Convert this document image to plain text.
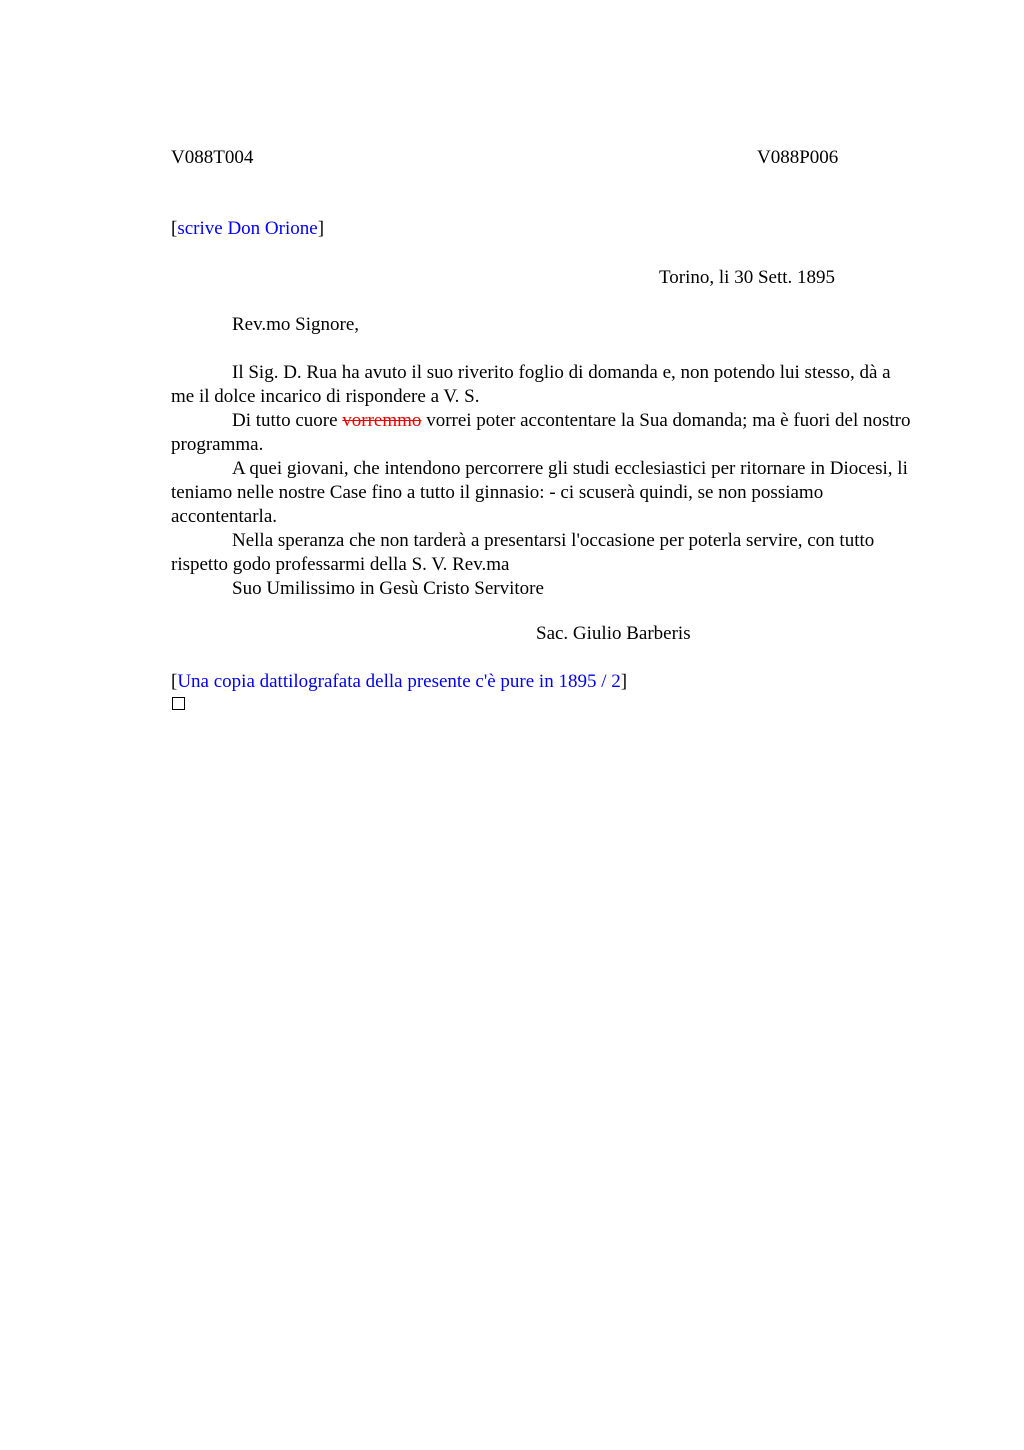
V088T004	V088P006
[scrive Don Orione]
Torino, li 30 Sett. 1895
Rev.mo Signore,

Il Sig. D. Rua ha avuto il suo riverito foglio di domanda e, non potendo lui stesso, dà a me il dolce incarico di rispondere a V. S.

Di tutto cuore vorremmo vorrei poter accontentare la Sua domanda; ma è fuori del nostro programma.

A quei giovani, che intendono percorrere gli studi ecclesiastici per ritornare in Diocesi, li teniamo nelle nostre Case fino a tutto il ginnasio: - ci scuserà quindi, se non possiamo accontentarla.

Nella speranza che non tarderà a presentarsi l'occasione per poterla servire, con tutto rispetto godo professarmi della S. V. Rev.ma

Suo Umilissimo in Gesù Cristo Servitore

Sac. Giulio Barberis
[Una copia dattilografata della presente c'è pure in 1895 / 2]
